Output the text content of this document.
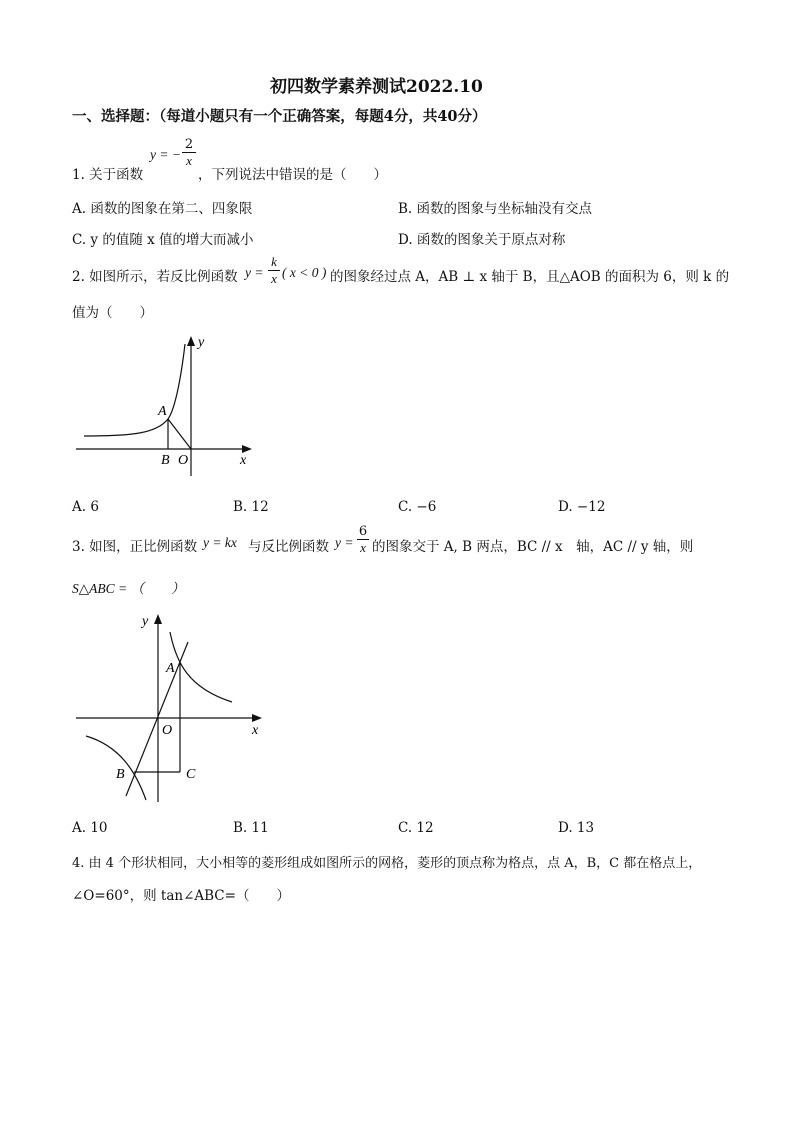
初四数学素养测试2022.10
一、选择题：（每道小题只有一个正确答案，每题4分，共40分）
1. 关于函数
y = − $\frac{2}{x}$
，下列说法中错误的是（　　）
A. 函数的图象在第二、四象限	B. 函数的图象与坐标轴没有交点
C. y 的值随 x 值的增大而减小	D. 函数的图象关于原点对称
2. 如图所示，若反比例函数 $y = \frac{k}{x}$ ( x < 0 ) 的图象经过点 A，AB ⊥ x 轴于 B，且△AOB 的面积为 6，则 k 的
值为（　　）
y
x
A
B O
A. 6	B. 12	C. −6	D. −12
3. 如图，正比例函数 y = kx 与反比例函数 $y = \frac{6}{x}$ 的图象交于 A, B 两点，BC // x　轴，AC // y 轴，则
S△ABC = （　　）
y
x
A
O
B	C
A. 10	B. 11	C. 12	D. 13
4. 由 4 个形状相同，大小相等的菱形组成如图所示的网格，菱形的顶点称为格点，点 A，B，C 都在格点上，
∠O=60°，则 tan∠ABC=（　　）
